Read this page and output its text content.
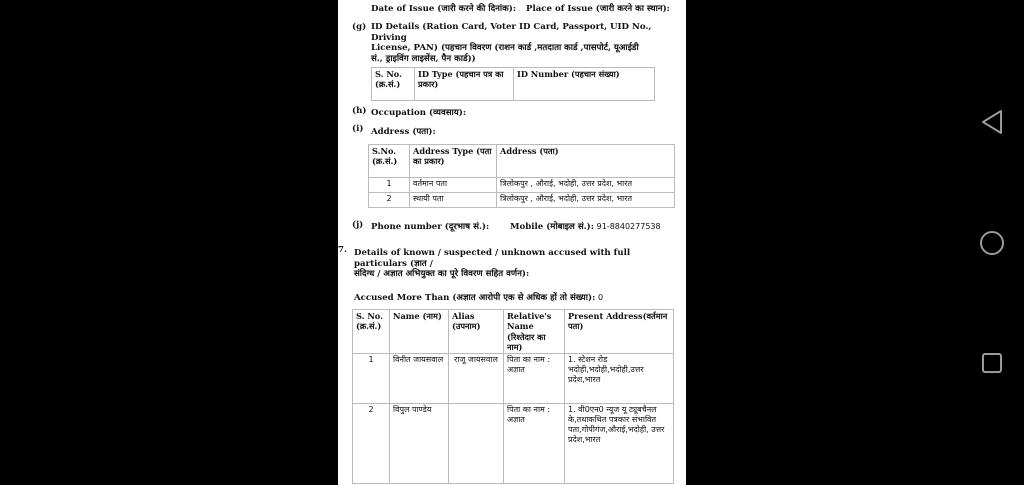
Date of Issue (जारी करने की दिनांक): Place of Issue (जारी करने का स्थान):
(g) ID Details (Ration Card, Voter ID Card, Passport, UID No., Driving
License, PAN) (पहचान विवरण (राशन कार्ड ,मतदाता कार्ड ,पासपोर्ट, यूआईडी
सं., ड्राइविंग लाइसेंस, पैन कार्ड))
S. No. (क्र.सं.)	ID Type (पहचान पत्र का प्रकार)	ID Number (पहचान संख्या)
(h) Occupation (व्यवसाय):
(i) Address (पता):
S.No. (क्र.सं.)	Address Type (पता का प्रकार)	Address (पता)
1	वर्तमान पता	त्रिलोकपुर , औराई, भदोही, उत्तर प्रदेश, भारत
2	स्थायी पता	त्रिलोकपुर , औराई, भदोही, उत्तर प्रदेश, भारत
(j) Phone number (दूरभाष सं.): Mobile (मोबाइल सं.): 91-8840277538
7. Details of known / suspected / unknown accused with full particulars (ज्ञात /
संदिग्ध / अज्ञात अभियुक्त का पूरे विवरण सहित वर्णन):
Accused More Than (अज्ञात आरोपी एक से अधिक हों तो संख्या): 0
S. No. (क्र.सं.)	Name (नाम)	Alias (उपनाम)	Relative's Name (रिश्तेदार का नाम)	Present Address(वर्तमान पता)
1	विनीत जायसवाल	राजू जायसवाल	पिता का नाम : अज्ञात	1. स्टेशन रोड भदोही,भदोही,भदोही,उत्तर प्रदेश,भारत
2	विपुल पाण्डेय		पिता का नाम : अज्ञात	1. वी0एन0 न्यूज यू ट्यूबचैनल के,तथाकथित पत्रकार संभावित पता,गोपीगंज,औराई,भदोही, उत्तर प्रदेश,भारत
